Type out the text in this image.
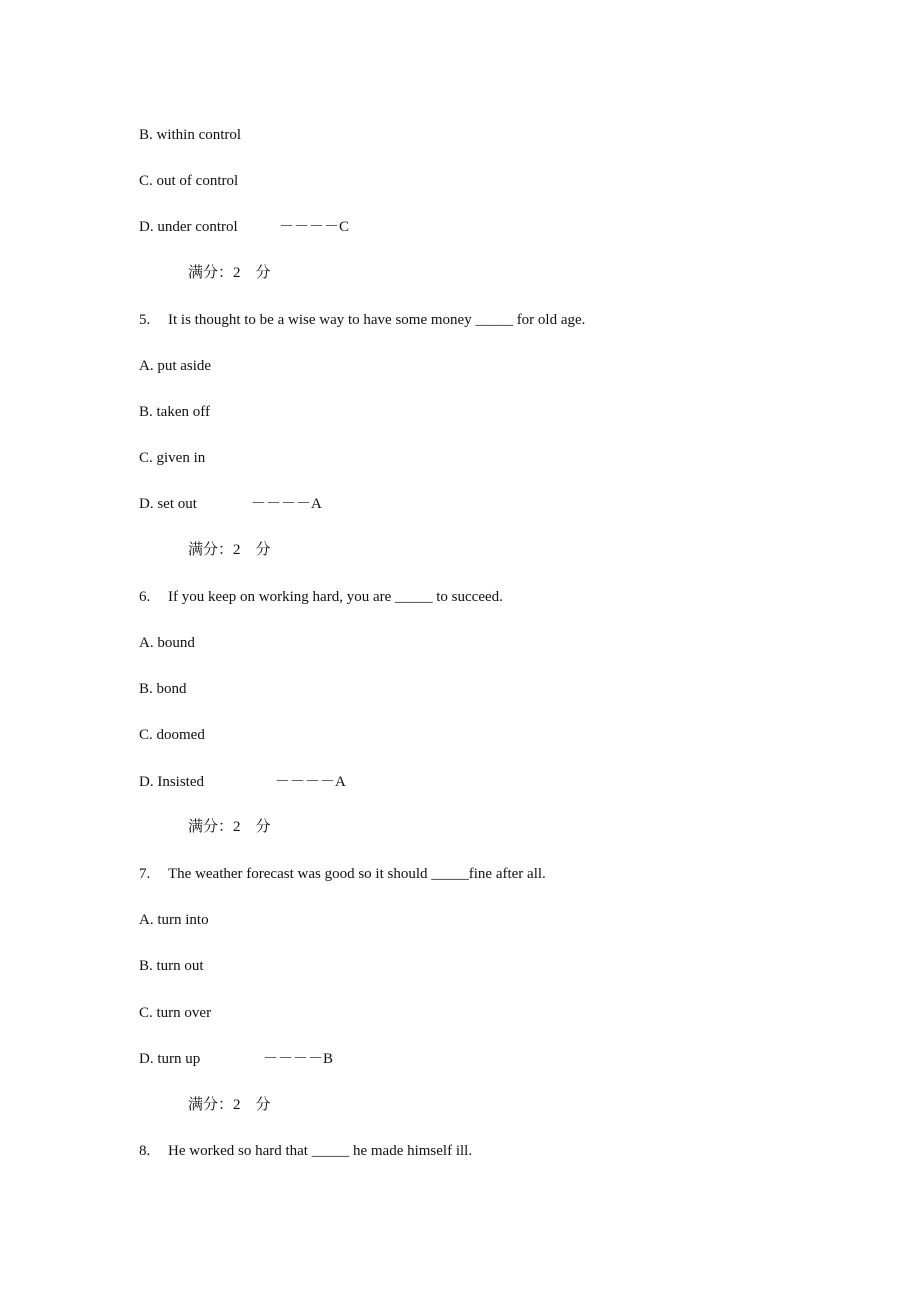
B. within control
C. out of control
D. under control	－－－－C
满分：2　分
5. It is thought to be a wise way to have some money _____ for old age.
A. put aside
B. taken off
C. given in
D. set out	－－－－A
满分：2　分
6. If you keep on working hard, you are _____ to succeed.
A. bound
B. bond
C. doomed
D. Insisted	－－－－A
满分：2　分
7. The weather forecast was good so it should _____fine after all.
A. turn into
B. turn out
C. turn over
D. turn up	－－－－B
满分：2　分
8. He worked so hard that _____ he made himself ill.
